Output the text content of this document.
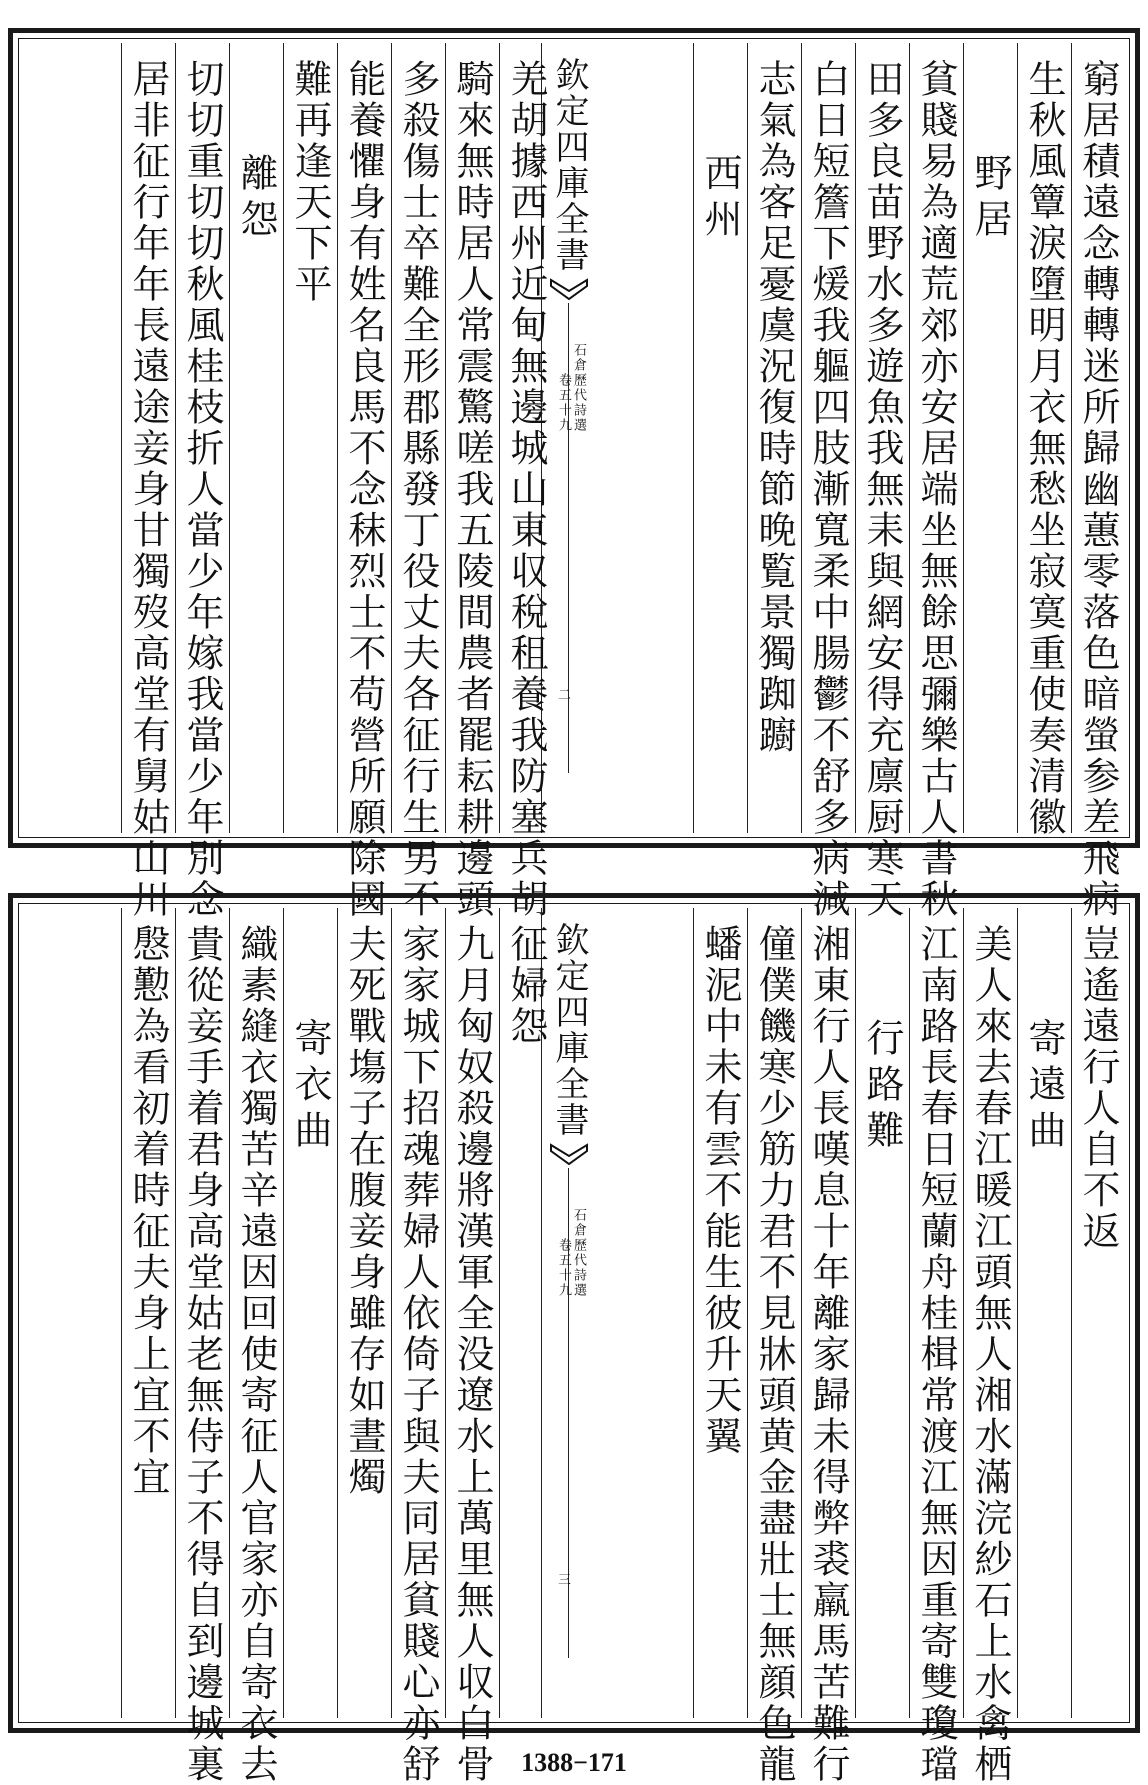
窮居積遠念轉轉迷所歸幽蕙零落色暗螢参差飛病
生秋風簟淚墮明月衣無愁坐寂寞重使奏清徽
野居
貧賤易為適荒郊亦安居端坐無餘思彌樂古人書秋
田多良苗野水多遊魚我無耒與網安得充廪厨寒天
白日短簷下煖我軀四肢漸寬柔中腸鬱不舒多病減
志氣為客足憂虞況復時節晚覧景獨踟躕
西州
欽定四庫全書
石倉歷代詩選
卷五十九
二
羌胡據西州近甸無邊城山東収稅租養我防塞兵胡
騎來無時居人常震驚嗟我五陵間農者罷耘耕邊頭
多殺傷士卒難全形郡縣發丁役丈夫各征行生男不
能養懼身有姓名良馬不念秣烈士不苟營所願除國
難再逢天下平
離怨
切切重切切秋風桂枝折人當少年嫁我當少年別念
居非征行年年長遠途妾身甘獨歿高堂有舅姑山川
豈遙遠行人自不返
寄遠曲
美人來去春江暖江頭無人湘水滿浣紗石上水禽栖
江南路長春日短蘭舟桂楫常渡江無因重寄雙瓊璫
行路難
湘東行人長嘆息十年離家歸未得弊裘羸馬苦難行
僮僕饑寒少筋力君不見牀頭黄金盡壯士無顔色龍
蟠泥中未有雲不能生彼升天翼
欽定四庫全書
石倉歷代詩選
卷五十九
三
征婦怨
九月匈奴殺邊將漢軍全没遼水上萬里無人収白骨
家家城下招魂葬婦人依倚子與夫同居貧賤心亦舒
夫死戰塲子在腹妾身雖存如晝燭
寄衣曲
織素縫衣獨苦辛遠因回使寄征人官家亦自寄衣去
貴從妾手着君身高堂姑老無侍子不得自到邊城裏
慇懃為看初着時征夫身上宜不宜
1388−171
